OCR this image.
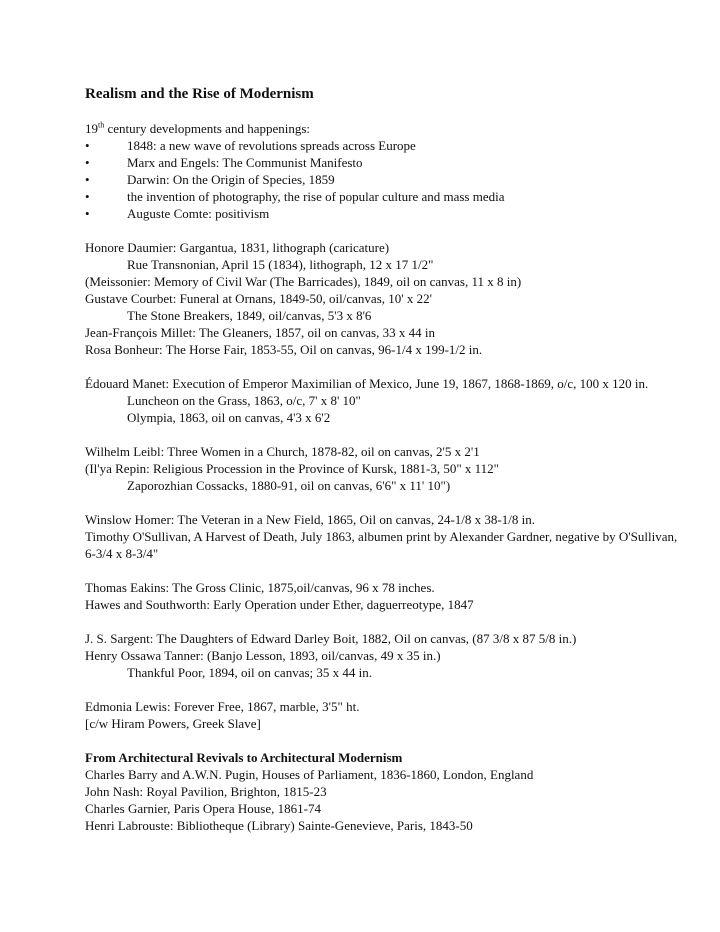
Realism and the Rise of Modernism
19th century developments and happenings:
•	1848: a new wave of revolutions spreads across Europe
•	Marx and Engels: The Communist Manifesto
•	Darwin: On the Origin of Species, 1859
•	the invention of photography, the rise of popular culture and mass media
•	Auguste Comte: positivism
Honore Daumier: Gargantua, 1831, lithograph (caricature)
Rue Transnonian, April 15 (1834), lithograph, 12 x 17 1/2"
(Meissonier: Memory of Civil War (The Barricades), 1849, oil on canvas, 11 x 8 in)
Gustave Courbet: Funeral at Ornans, 1849-50, oil/canvas, 10' x 22'
The Stone Breakers, 1849, oil/canvas, 5'3 x 8'6
Jean-François Millet: The Gleaners, 1857, oil on canvas, 33 x 44 in
Rosa Bonheur: The Horse Fair, 1853-55, Oil on canvas, 96-1/4 x 199-1/2 in.
Édouard Manet: Execution of Emperor Maximilian of Mexico, June 19, 1867, 1868-1869, o/c, 100 x 120 in.
Luncheon on the Grass, 1863, o/c, 7' x 8' 10"
Olympia, 1863, oil on canvas, 4'3 x 6'2
Wilhelm Leibl: Three Women in a Church, 1878-82, oil on canvas, 2'5 x 2'1
(Il'ya Repin: Religious Procession in the Province of Kursk, 1881-3, 50" x 112"
Zaporozhian Cossacks, 1880-91, oil on canvas, 6'6" x 11' 10")
Winslow Homer: The Veteran in a New Field, 1865, Oil on canvas, 24-1/8 x 38-1/8 in.
Timothy O'Sullivan, A Harvest of Death, July 1863, albumen print by Alexander Gardner, negative by O'Sullivan, 6-3/4 x 8-3/4"
Thomas Eakins: The Gross Clinic, 1875,oil/canvas, 96 x 78 inches.
Hawes and Southworth: Early Operation under Ether, daguerreotype, 1847
J. S. Sargent: The Daughters of Edward Darley Boit, 1882, Oil on canvas, (87 3/8 x 87 5/8 in.)
Henry Ossawa Tanner: (Banjo Lesson, 1893, oil/canvas, 49 x 35 in.)
Thankful Poor, 1894, oil on canvas; 35 x 44 in.
Edmonia Lewis: Forever Free, 1867, marble, 3'5" ht.
[c/w Hiram Powers, Greek Slave]
From Architectural Revivals to Architectural Modernism
Charles Barry and A.W.N. Pugin, Houses of Parliament, 1836-1860, London, England
John Nash: Royal Pavilion, Brighton, 1815-23
Charles Garnier, Paris Opera House, 1861-74
Henri Labrouste: Bibliotheque (Library) Sainte-Genevieve, Paris, 1843-50
